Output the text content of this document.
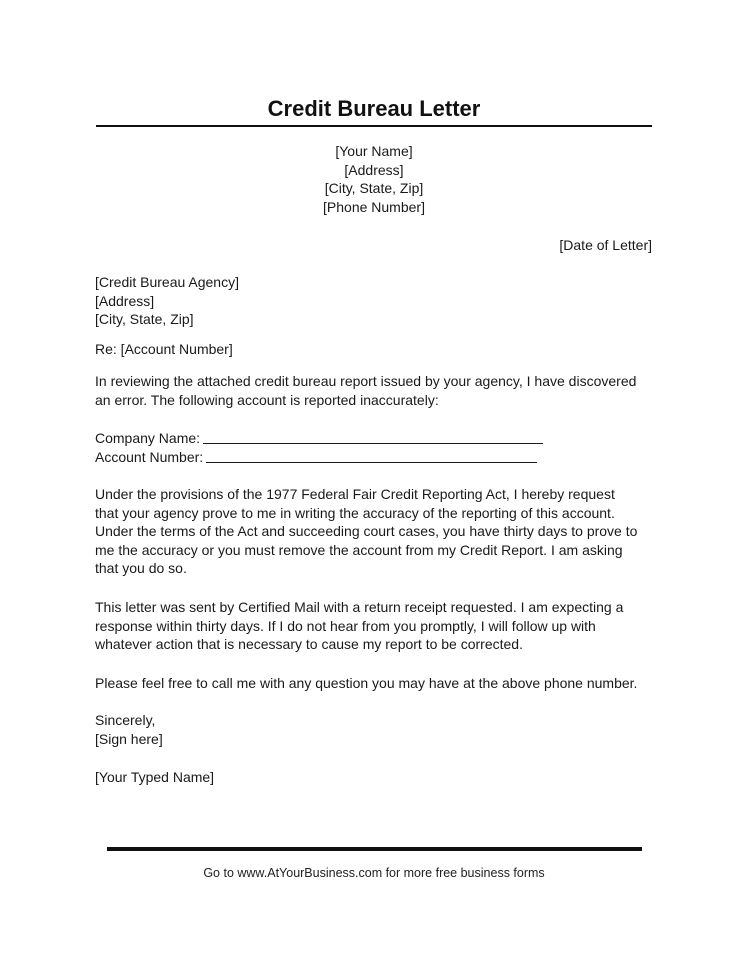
Credit Bureau Letter
[Your Name]
[Address]
[City, State, Zip]
[Phone Number]
[Date of Letter]
[Credit Bureau Agency]
[Address]
[City, State, Zip]
Re: [Account Number]
In reviewing the attached credit bureau report issued by your agency, I have discovered
an error. The following account is reported inaccurately:
Company Name:
Account Number:
Under the provisions of the 1977 Federal Fair Credit Reporting Act, I hereby request
that your agency prove to me in writing the accuracy of the reporting of this account.
Under the terms of the Act and succeeding court cases, you have thirty days to prove to
me the accuracy or you must remove the account from my Credit Report. I am asking
that you do so.
This letter was sent by Certified Mail with a return receipt requested. I am expecting a
response within thirty days. If I do not hear from you promptly, I will follow up with
whatever action that is necessary to cause my report to be corrected.
Please feel free to call me with any question you may have at the above phone number.
Sincerely,
[Sign here]
[Your Typed Name]
Go to www.AtYourBusiness.com for more free business forms
